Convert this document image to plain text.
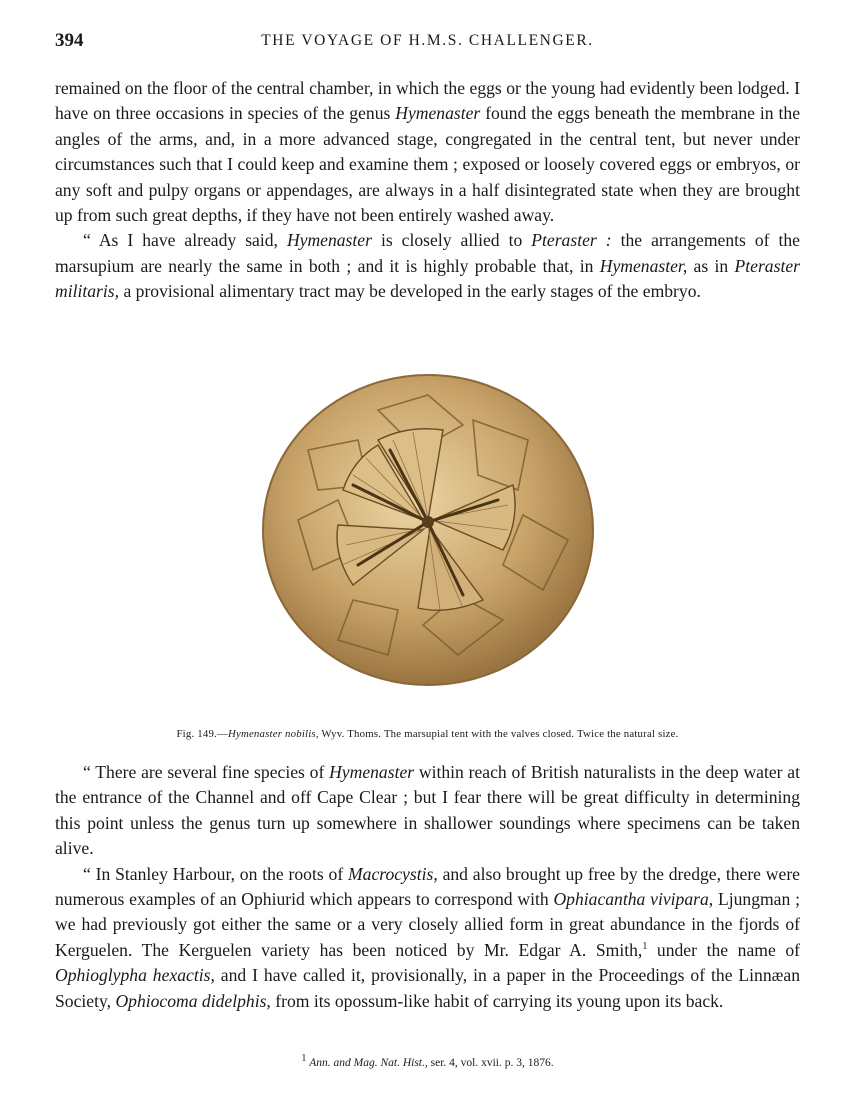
394	THE VOYAGE OF H.M.S. CHALLENGER.

remained on the floor of the central chamber, in which the eggs or the young had evidently been lodged. I have on three occasions in species of the genus Hymenaster found the eggs beneath the membrane in the angles of the arms, and, in a more advanced stage, congregated in the central tent, but never under circumstances such that I could keep and examine them ; exposed or loosely covered eggs or embryos, or any soft and pulpy organs or appendages, are always in a half disintegrated state when they are brought up from such great depths, if they have not been entirely washed away.

“ As I have already said, Hymenaster is closely allied to Pteraster : the arrangements of the marsupium are nearly the same in both ; and it is highly probable that, in Hymenaster, as in Pteraster militaris, a provisional alimentary tract may be developed in the early stages of the embryo.

Fig. 149.—Hymenaster nobilis, Wyv. Thoms. The marsupial tent with the valves closed. Twice the natural size.

“ There are several fine species of Hymenaster within reach of British naturalists in the deep water at the entrance of the Channel and off Cape Clear ; but I fear there will be great difficulty in determining this point unless the genus turn up somewhere in shallower soundings where specimens can be taken alive.

“ In Stanley Harbour, on the roots of Macrocystis, and also brought up free by the dredge, there were numerous examples of an Ophiurid which appears to correspond with Ophiacantha vivipara, Ljungman ; we had previously got either the same or a very closely allied form in great abundance in the fjords of Kerguelen. The Kerguelen variety has been noticed by Mr. Edgar A. Smith,$^1$ under the name of Ophioglypha hexactis, and I have called it, provisionally, in a paper in the Proceedings of the Linnæan Society, Ophiocoma didelphis, from its opossum-like habit of carrying its young upon its back.

$^1$ Ann. and Mag. Nat. Hist., ser. 4, vol. xvii. p. 3, 1876.
